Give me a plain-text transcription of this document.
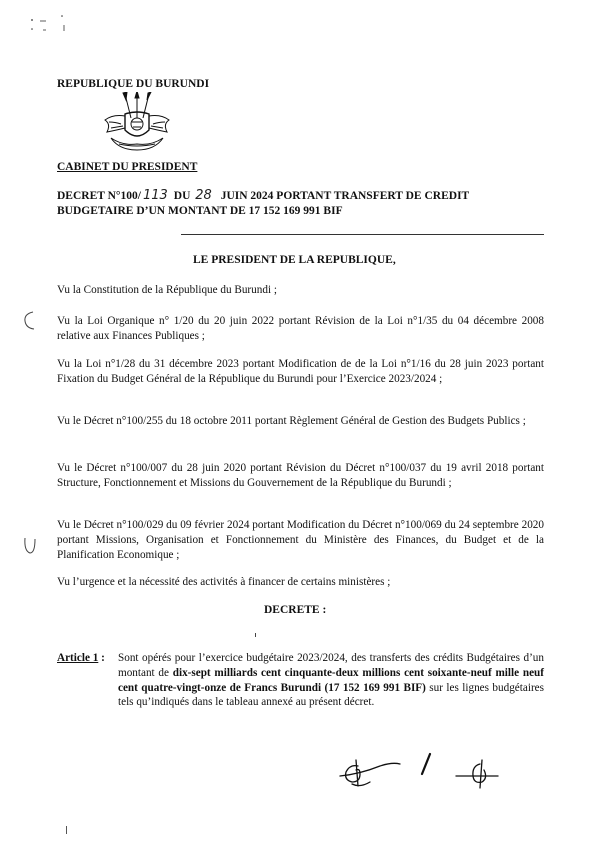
REPUBLIQUE DU BURUNDI
CABINET DU PRESIDENT
DECRET N°100/ 113 DU 28 JUIN 2024 PORTANT TRANSFERT DE CREDIT
BUDGETAIRE D’UN MONTANT DE 17 152 169 991 BIF
LE PRESIDENT DE LA REPUBLIQUE,
Vu la Constitution de la République du Burundi ;
Vu la Loi Organique n° 1/20 du 20 juin 2022 portant Révision de la Loi n°1/35 du 04 décembre 2008 relative aux Finances Publiques ;
Vu la Loi n°1/28 du 31 décembre 2023 portant Modification de de la Loi n°1/16 du 28 juin 2023 portant Fixation du Budget Général de la République du Burundi pour l’Exercice 2023/2024 ;
Vu le Décret n°100/255 du 18 octobre 2011 portant Règlement Général de Gestion des Budgets Publics ;
Vu le Décret n°100/007 du 28 juin 2020 portant Révision du Décret n°100/037 du 19 avril 2018 portant Structure, Fonctionnement et Missions du Gouvernement de la République du Burundi ;
Vu le Décret n°100/029 du 09 février 2024 portant Modification du Décret n°100/069 du 24 septembre 2020 portant Missions, Organisation et Fonctionnement du Ministère des Finances, du Budget et de la Planification Economique ;
Vu l’urgence et la nécessité des activités à financer de certains ministères ;
DECRETE :
Article 1 : Sont opérés pour l’exercice budgétaire 2023/2024, des transferts des crédits Budgétaires d’un montant de dix-sept milliards cent cinquante-deux millions cent soixante-neuf mille neuf cent quatre-vingt-onze de Francs Burundi (17 152 169 991 BIF) sur les lignes budgétaires tels qu’indiqués dans le tableau annexé au présent décret.
